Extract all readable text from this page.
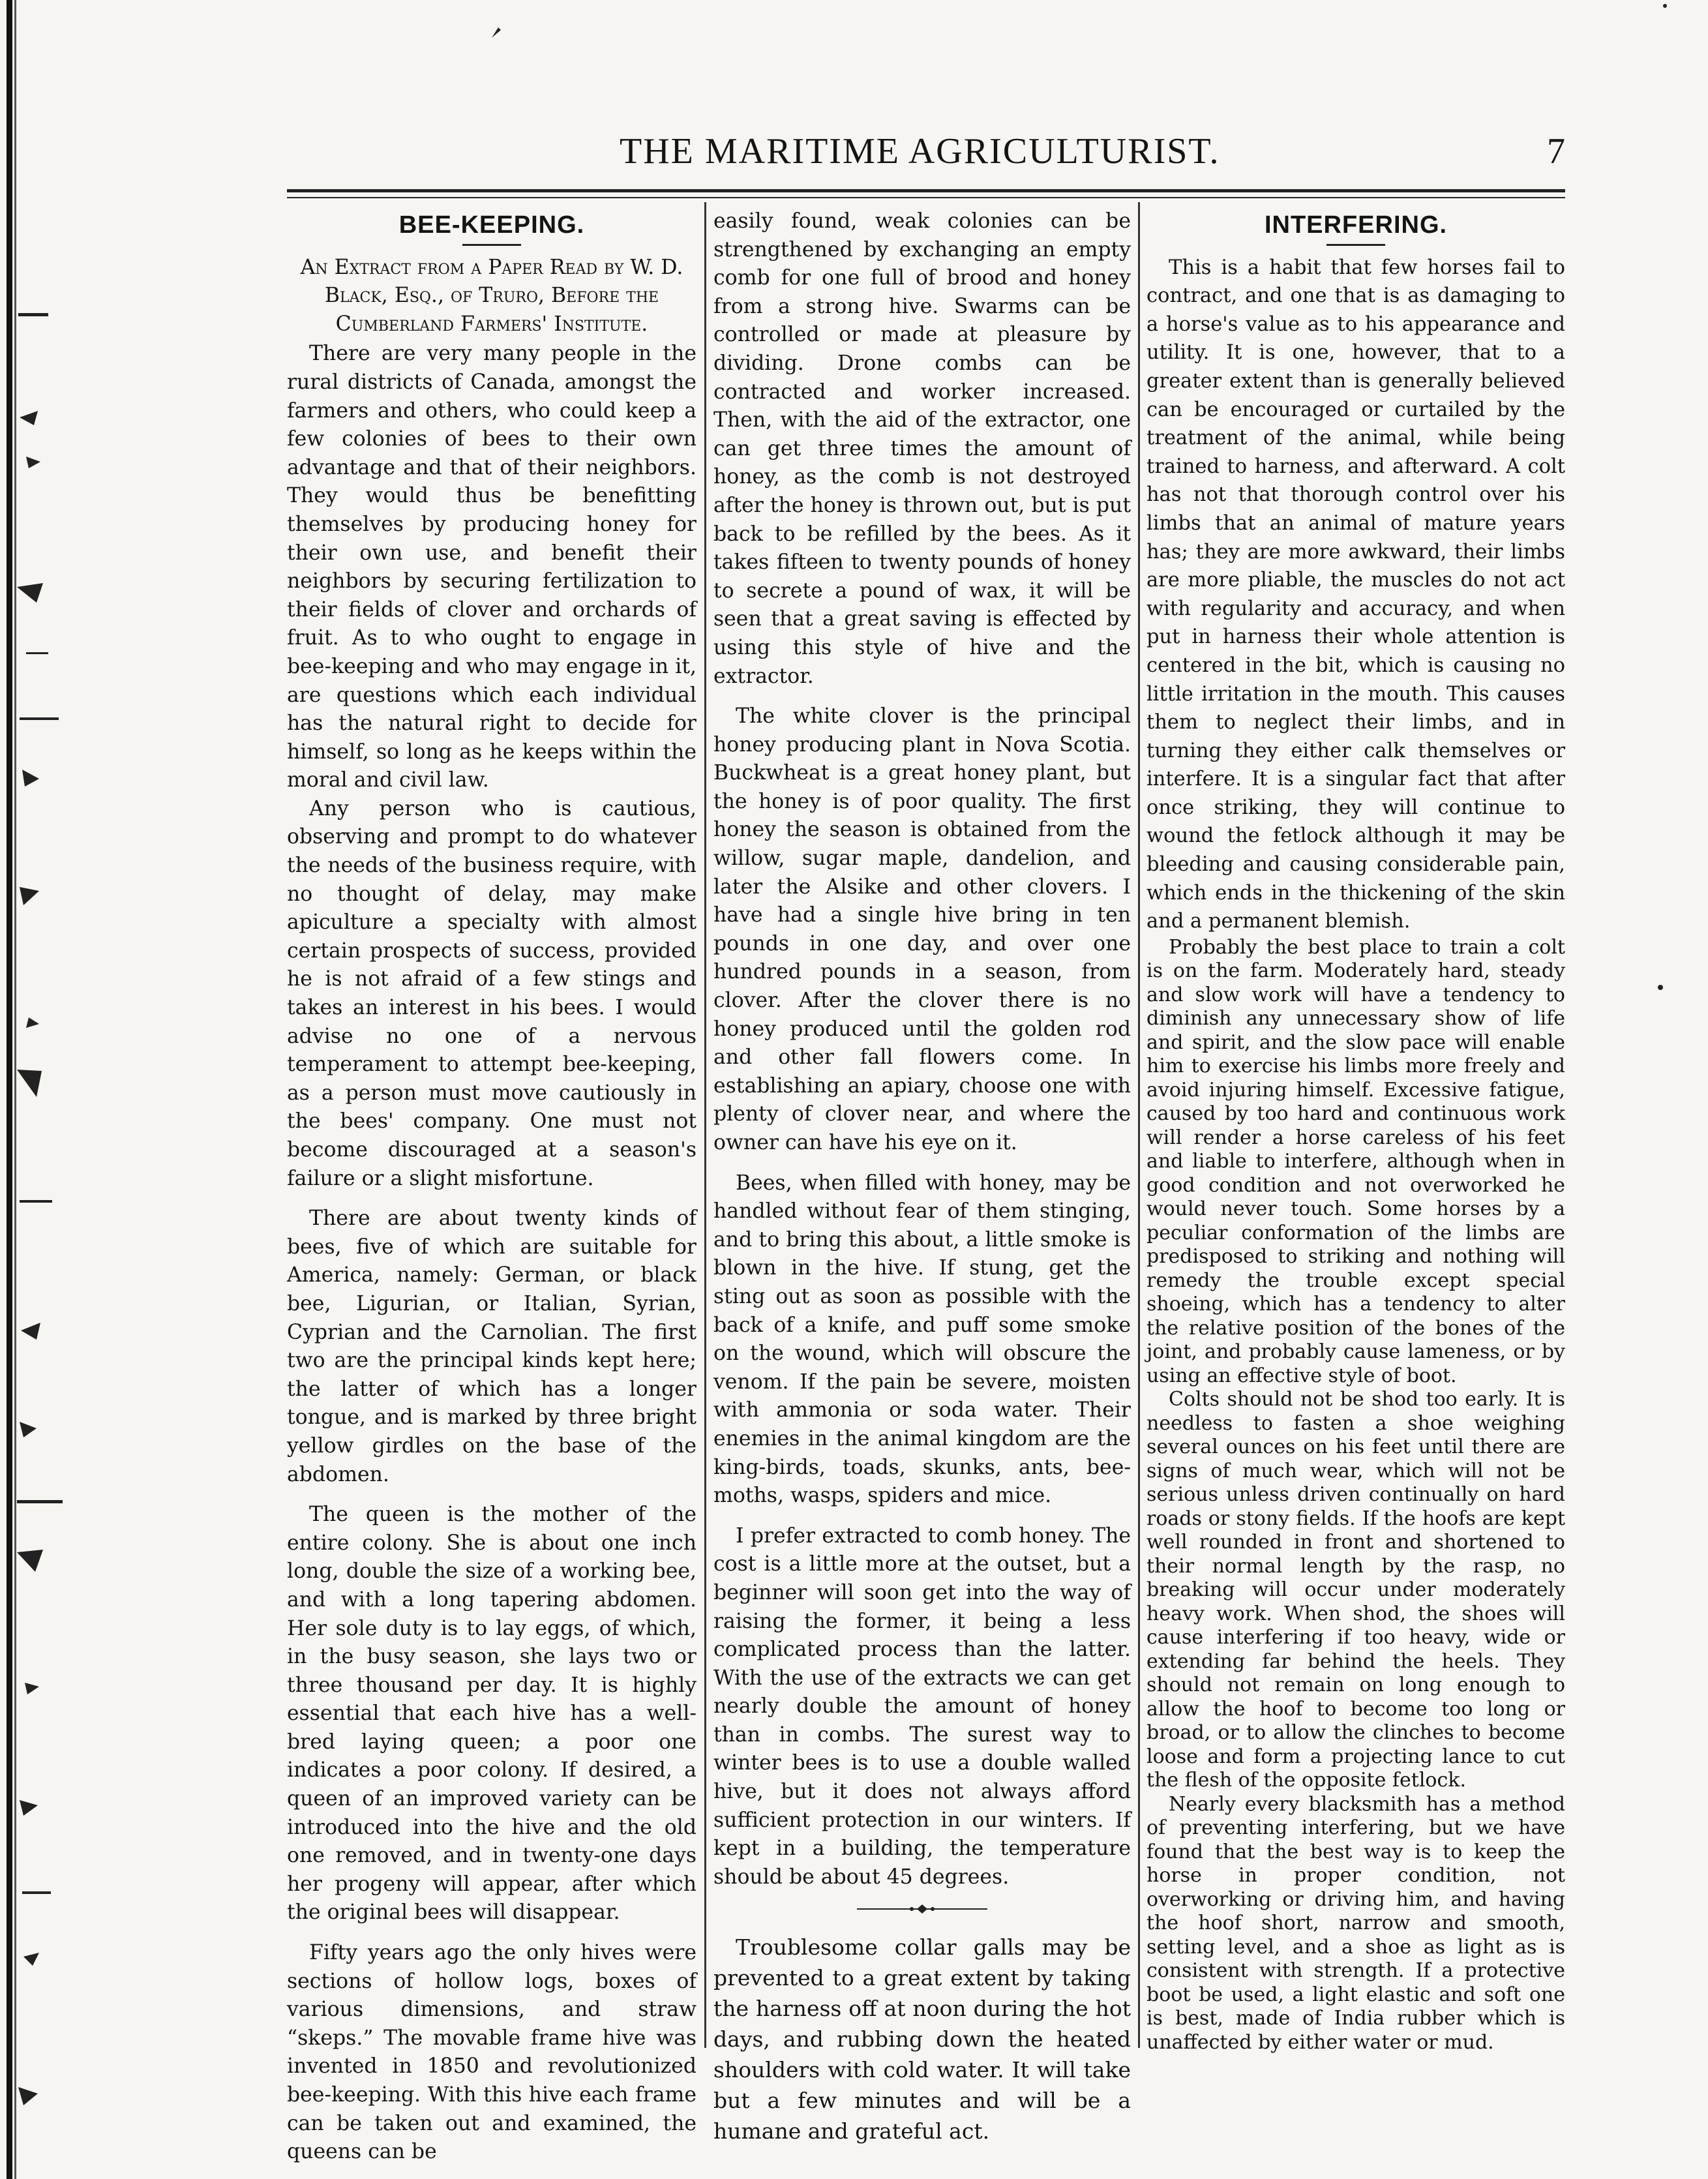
THE MARITIME AGRICULTURIST.	7
BEE-KEEPING.
An Extract from a Paper Read by W. D. Black, Esq., of Truro, Before the Cumberland Farmers' Institute.

There are very many people in the rural districts of Canada, amongst the farmers and others, who could keep a few colonies of bees to their own advantage and that of their neighbors. They would thus be benefitting themselves by producing honey for their own use, and benefit their neighbors by securing fertilization to their fields of clover and orchards of fruit. As to who ought to engage in bee-keeping and who may engage in it, are questions which each individual has the natural right to decide for himself, so long as he keeps within the moral and civil law.

Any person who is cautious, observing and prompt to do whatever the needs of the business require, with no thought of delay, may make apiculture a specialty with almost certain prospects of success, provided he is not afraid of a few stings and takes an interest in his bees. I would advise no one of a nervous temperament to attempt bee-keeping, as a person must move cautiously in the bees' company. One must not become discouraged at a season's failure or a slight misfortune.

There are about twenty kinds of bees, five of which are suitable for America, namely: German, or black bee, Ligurian, or Italian, Syrian, Cyprian and the Carnolian. The first two are the principal kinds kept here; the latter of which has a longer tongue, and is marked by three bright yellow girdles on the base of the abdomen.

The queen is the mother of the entire colony. She is about one inch long, double the size of a working bee, and with a long tapering abdomen. Her sole duty is to lay eggs, of which, in the busy season, she lays two or three thousand per day. It is highly essential that each hive has a well-bred laying queen; a poor one indicates a poor colony. If desired, a queen of an improved variety can be introduced into the hive and the old one removed, and in twenty-one days her progeny will appear, after which the original bees will disappear.

Fifty years ago the only hives were sections of hollow logs, boxes of various dimensions, and straw “skeps.” The movable frame hive was invented in 1850 and revolutionized bee-keeping. With this hive each frame can be taken out and examined, the queens can be

easily found, weak colonies can be strengthened by exchanging an empty comb for one full of brood and honey from a strong hive. Swarms can be controlled or made at pleasure by dividing. Drone combs can be contracted and worker increased. Then, with the aid of the extractor, one can get three times the amount of honey, as the comb is not destroyed after the honey is thrown out, but is put back to be refilled by the bees. As it takes fifteen to twenty pounds of honey to secrete a pound of wax, it will be seen that a great saving is effected by using this style of hive and the extractor.

The white clover is the principal honey producing plant in Nova Scotia. Buckwheat is a great honey plant, but the honey is of poor quality. The first honey the season is obtained from the willow, sugar maple, dandelion, and later the Alsike and other clovers. I have had a single hive bring in ten pounds in one day, and over one hundred pounds in a season, from clover. After the clover there is no honey produced until the golden rod and other fall flowers come. In establishing an apiary, choose one with plenty of clover near, and where the owner can have his eye on it.

Bees, when filled with honey, may be handled without fear of them stinging, and to bring this about, a little smoke is blown in the hive. If stung, get the sting out as soon as possible with the back of a knife, and puff some smoke on the wound, which will obscure the venom. If the pain be severe, moisten with ammonia or soda water. Their enemies in the animal kingdom are the king-birds, toads, skunks, ants, bee-moths, wasps, spiders and mice.

I prefer extracted to comb honey. The cost is a little more at the outset, but a beginner will soon get into the way of raising the former, it being a less complicated process than the latter. With the use of the extracts we can get nearly double the amount of honey than in combs. The surest way to winter bees is to use a double walled hive, but it does not always afford sufficient protection in our winters. If kept in a building, the temperature should be about 45 degrees.

Troublesome collar galls may be prevented to a great extent by taking the harness off at noon during the hot days, and rubbing down the heated shoulders with cold water. It will take but a few minutes and will be a humane and grateful act.

INTERFERING.

This is a habit that few horses fail to contract, and one that is as damaging to a horse's value as to his appearance and utility. It is one, however, that to a greater extent than is generally believed can be encouraged or curtailed by the treatment of the animal, while being trained to harness, and afterward. A colt has not that thorough control over his limbs that an animal of mature years has; they are more awkward, their limbs are more pliable, the muscles do not act with regularity and accuracy, and when put in harness their whole attention is centered in the bit, which is causing no little irritation in the mouth. This causes them to neglect their limbs, and in turning they either calk themselves or interfere. It is a singular fact that after once striking, they will continue to wound the fetlock although it may be bleeding and causing considerable pain, which ends in the thickening of the skin and a permanent blemish.

Probably the best place to train a colt is on the farm. Moderately hard, steady and slow work will have a tendency to diminish any unnecessary show of life and spirit, and the slow pace will enable him to exercise his limbs more freely and avoid injuring himself. Excessive fatigue, caused by too hard and continuous work will render a horse careless of his feet and liable to interfere, although when in good condition and not overworked he would never touch. Some horses by a peculiar conformation of the limbs are predisposed to striking and nothing will remedy the trouble except special shoeing, which has a tendency to alter the relative position of the bones of the joint, and probably cause lameness, or by using an effective style of boot.

Colts should not be shod too early. It is needless to fasten a shoe weighing several ounces on his feet until there are signs of much wear, which will not be serious unless driven continually on hard roads or stony fields. If the hoofs are kept well rounded in front and shortened to their normal length by the rasp, no breaking will occur under moderately heavy work. When shod, the shoes will cause interfering if too heavy, wide or extending far behind the heels. They should not remain on long enough to allow the hoof to become too long or broad, or to allow the clinches to become loose and form a projecting lance to cut the flesh of the opposite fetlock.

Nearly every blacksmith has a method of preventing interfering, but we have found that the best way is to keep the horse in proper condition, not overworking or driving him, and having the hoof short, narrow and smooth, setting level, and a shoe as light as is consistent with strength. If a protective boot be used, a light elastic and soft one is best, made of India rubber which is unaffected by either water or mud.
